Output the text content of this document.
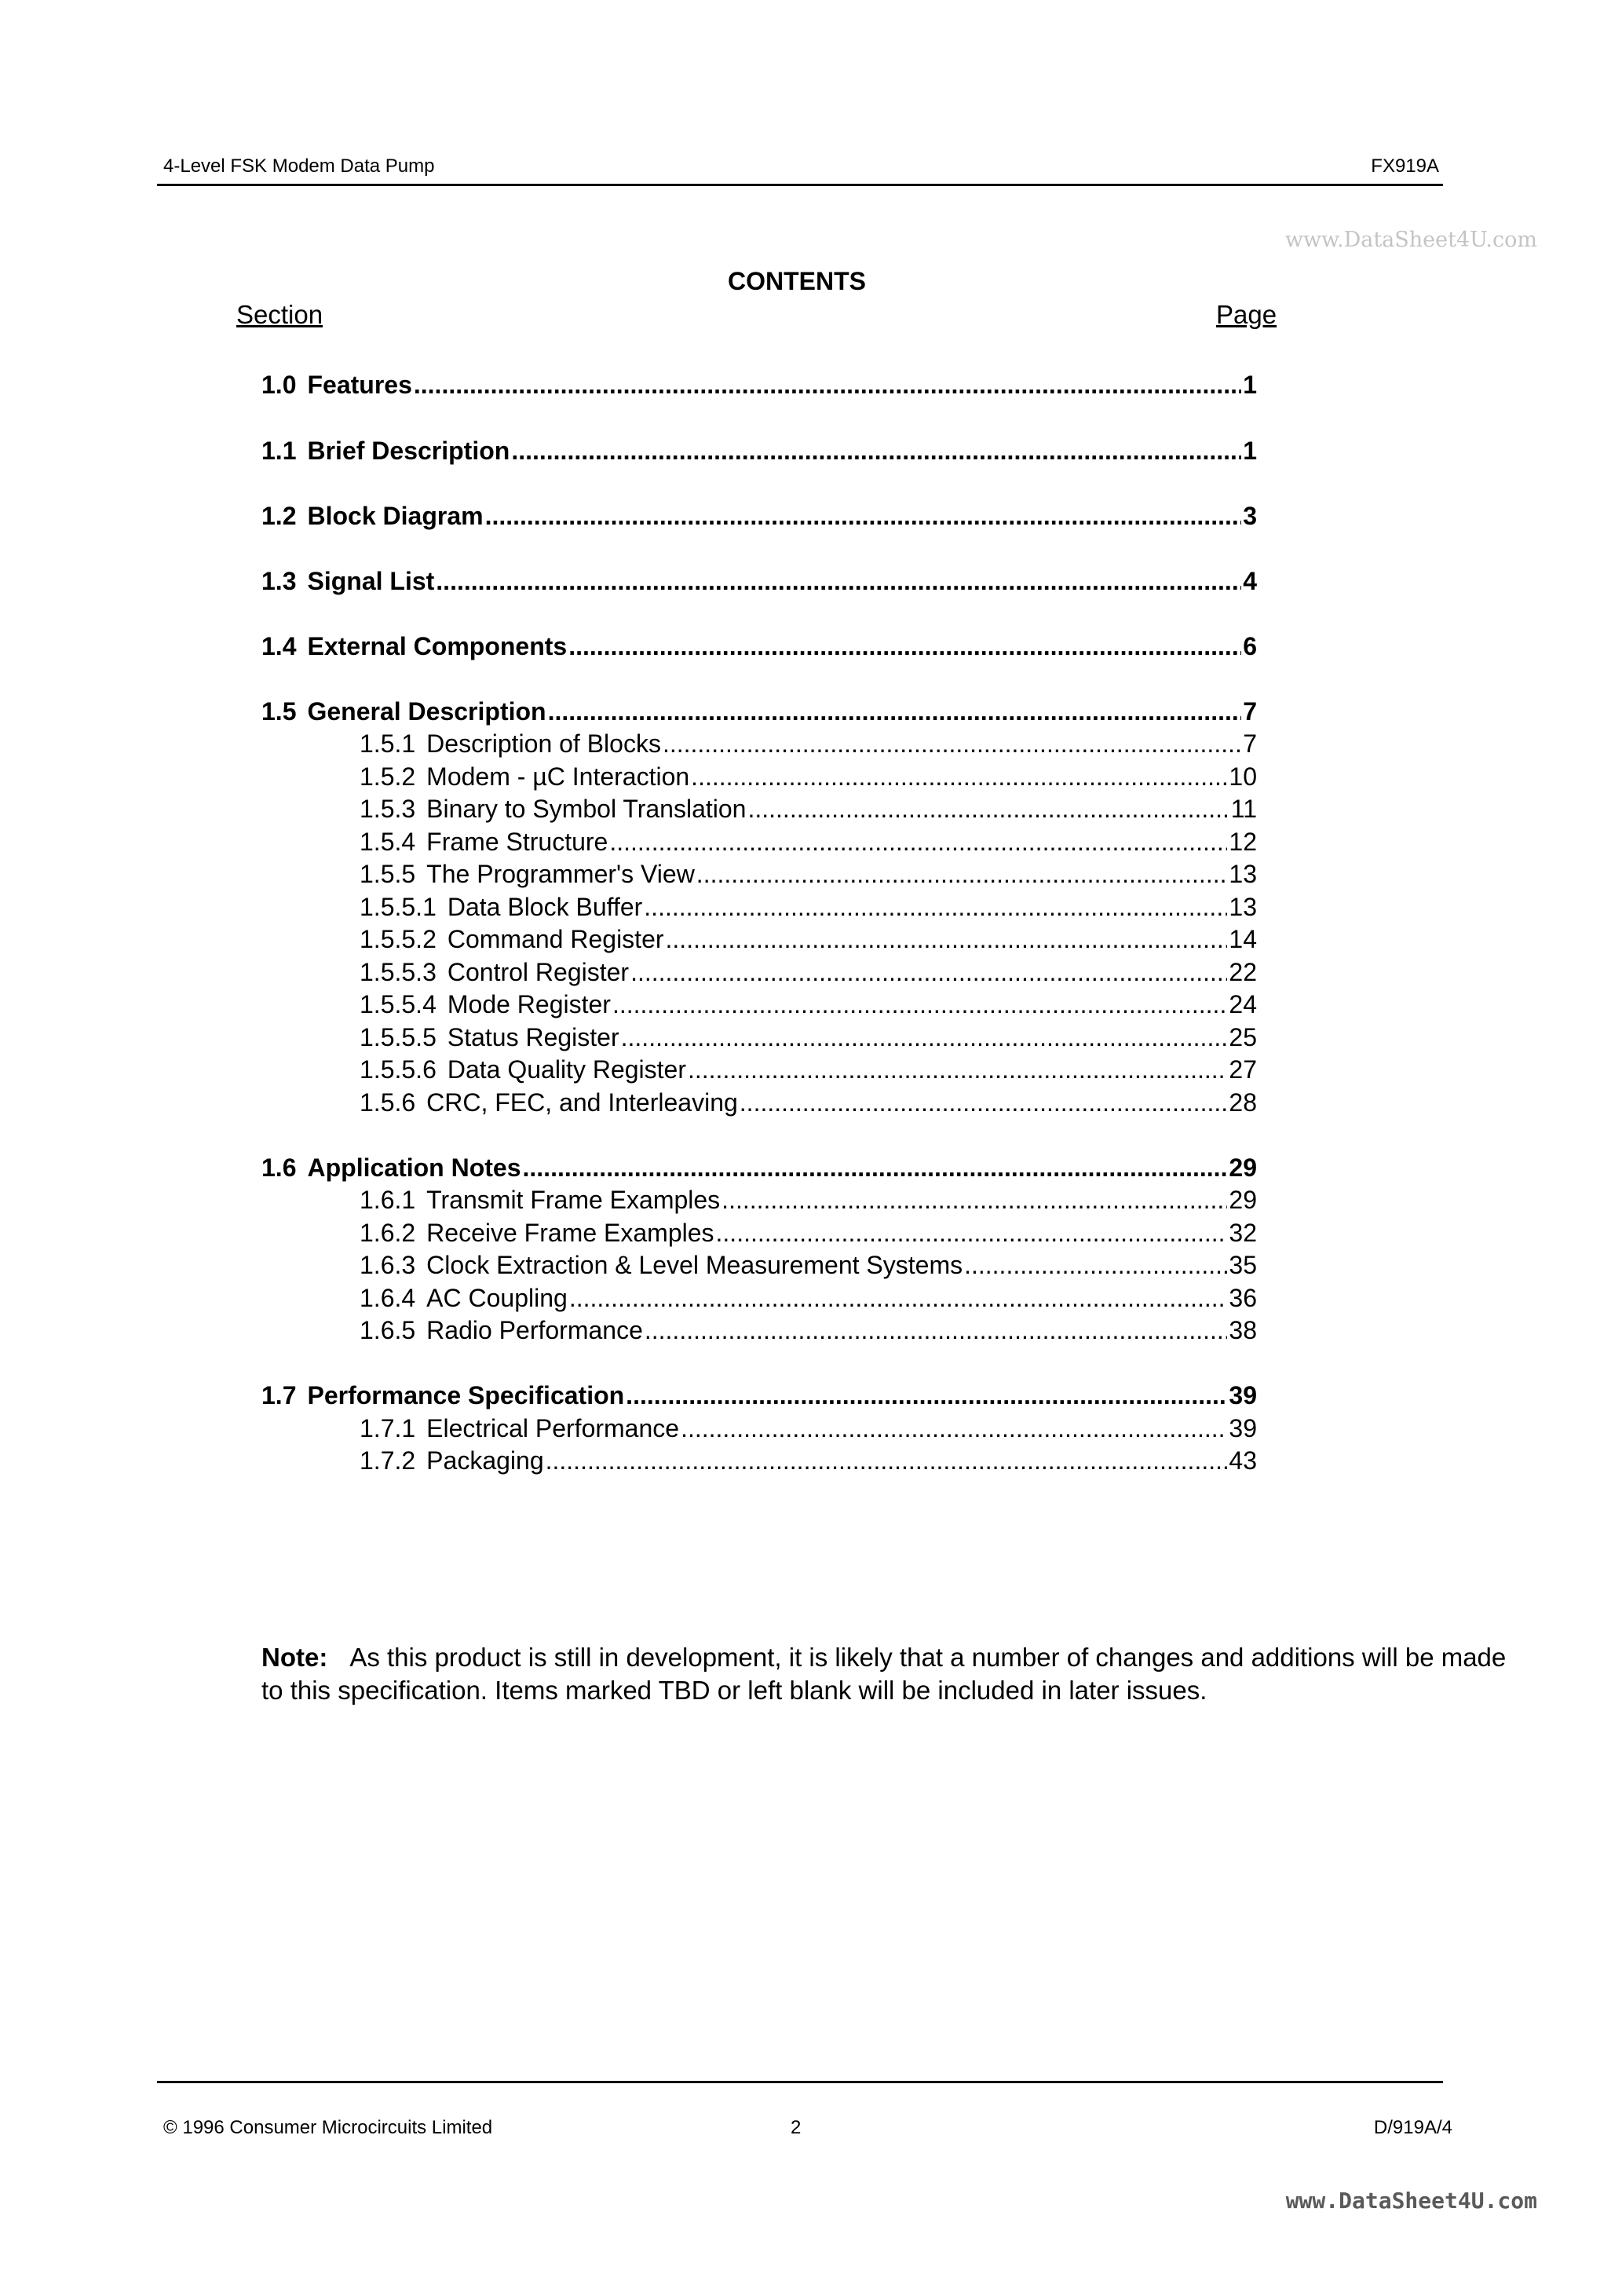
4-Level FSK Modem Data Pump	FX919A
www.DataSheet4U.com
CONTENTS
Section	Page
1.0 Features .....	1
1.1 Brief Description .....	1
1.2 Block Diagram .....	3
1.3 Signal List .....	4
1.4 External Components .....	6
1.5 General Description .....	7
1.5.1 Description of Blocks .....	7
1.5.2 Modem - µC Interaction .....	10
1.5.3 Binary to Symbol Translation .....	11
1.5.4 Frame Structure .....	12
1.5.5 The Programmer's View .....	13
1.5.5.1 Data Block Buffer .....	13
1.5.5.2 Command Register .....	14
1.5.5.3 Control Register .....	22
1.5.5.4 Mode Register .....	24
1.5.5.5 Status Register .....	25
1.5.5.6 Data Quality Register .....	27
1.5.6 CRC, FEC, and Interleaving .....	28
1.6 Application Notes .....	29
1.6.1 Transmit Frame Examples .....	29
1.6.2 Receive Frame Examples .....	32
1.6.3 Clock Extraction & Level Measurement Systems .....	35
1.6.4 AC Coupling .....	36
1.6.5 Radio Performance .....	38
1.7 Performance Specification .....	39
1.7.1 Electrical Performance .....	39
1.7.2 Packaging .....	43
Note: As this product is still in development, it is likely that a number of changes and additions will be made to this specification. Items marked TBD or left blank will be included in later issues.
© 1996 Consumer Microcircuits Limited	2	D/919A/4
www.DataSheet4U.com
